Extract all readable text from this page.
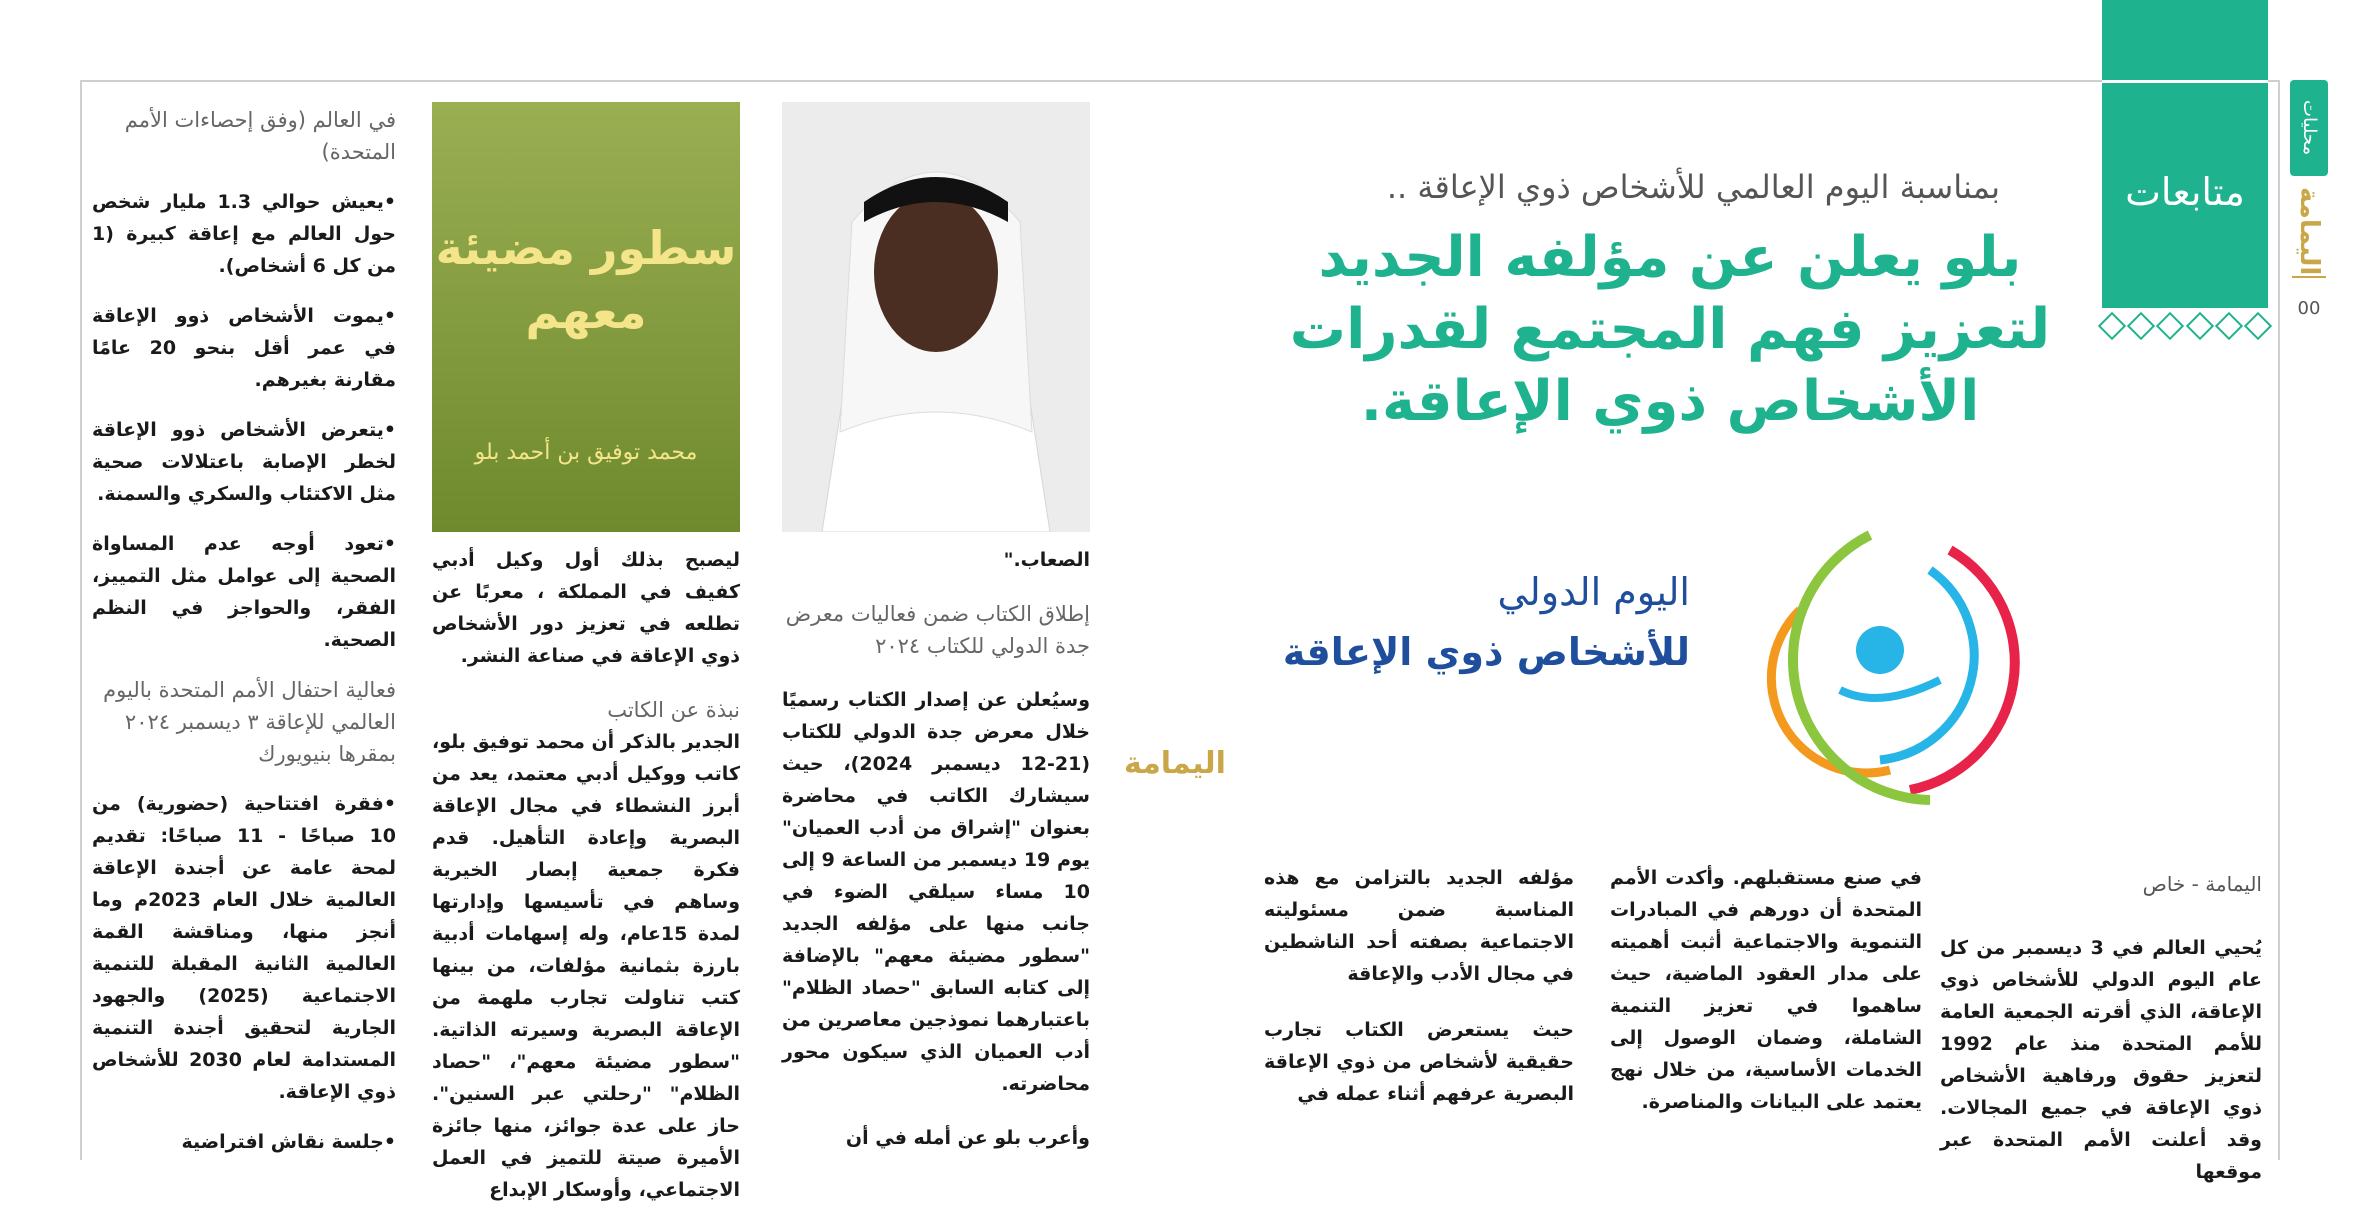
متابعات
محليات
اليمامة
00
بمناسبة اليوم العالمي للأشخاص ذوي الإعاقة ..
بلو يعلن عن مؤلفه الجديد
لتعزيز فهم المجتمع لقدرات
الأشخاص ذوي الإعاقة.
اليوم الدولي
للأشخاص ذوي الإعاقة
اليمامة
سطور مضيئة
معهم
محمد توفيق بن أحمد بلو
اليمامة - خاص

يُحيي العالم في 3 ديسمبر من كل عام اليوم الدولي للأشخاص ذوي الإعاقة، الذي أقرته الجمعية العامة للأمم المتحدة منذ عام 1992 لتعزيز حقوق ورفاهية الأشخاص ذوي الإعاقة في جميع المجالات. وقد أعلنت الأمم المتحدة عبر موقعها

في صنع مستقبلهم. وأكدت الأمم المتحدة أن دورهم في المبادرات التنموية والاجتماعية أثبت أهميته على مدار العقود الماضية، حيث ساهموا في تعزيز التنمية الشاملة، وضمان الوصول إلى الخدمات الأساسية، من خلال نهج يعتمد على البيانات والمناصرة.

مؤلفه الجديد بالتزامن مع هذه المناسبة ضمن مسئوليته الاجتماعية بصفته أحد الناشطين في مجال الأدب والإعاقة

حيث يستعرض الكتاب تجارب حقيقية لأشخاص من ذوي الإعاقة البصرية عرفهم أثناء عمله في

الصعاب."

إطلاق الكتاب ضمن فعاليات معرض جدة الدولي للكتاب ٢٠٢٤

وسيُعلن عن إصدار الكتاب رسميًا خلال معرض جدة الدولي للكتاب (21-12 ديسمبر 2024)، حيث سيشارك الكاتب في محاضرة بعنوان "إشراق من أدب العميان" يوم 19 ديسمبر من الساعة 9 إلى 10 مساء سيلقي الضوء في جانب منها على مؤلفه الجديد "سطور مضيئة معهم" بالإضافة إلى كتابه السابق "حصاد الظلام" باعتبارهما نموذجين معاصرين من أدب العميان الذي سيكون محور محاضرته.

وأعرب بلو عن أمله في أن

ليصبح بذلك أول وكيل أدبي كفيف في المملكة ، معربًا عن تطلعه في تعزيز دور الأشخاص ذوي الإعاقة في صناعة النشر.

نبذة عن الكاتب

الجدير بالذكر أن محمد توفيق بلو، كاتب ووكيل أدبي معتمد، يعد من أبرز النشطاء في مجال الإعاقة البصرية وإعادة التأهيل. قدم فكرة جمعية إبصار الخيرية وساهم في تأسيسها وإدارتها لمدة 15عام، وله إسهامات أدبية بارزة بثمانية مؤلفات، من بينها كتب تناولت تجارب ملهمة من الإعاقة البصرية وسيرته الذاتية. "سطور مضيئة معهم"، "حصاد الظلام" "رحلتي عبر السنين". حاز على عدة جوائز، منها جائزة الأميرة صيتة للتميز في العمل الاجتماعي، وأوسكار الإبداع

في العالم (وفق إحصاءات الأمم المتحدة)

•يعيش حوالي 1.3 مليار شخص حول العالم مع إعاقة كبيرة (1 من كل 6 أشخاص).

•يموت الأشخاص ذوو الإعاقة في عمر أقل بنحو 20 عامًا مقارنة بغيرهم.

•يتعرض الأشخاص ذوو الإعاقة لخطر الإصابة باعتلالات صحية مثل الاكتئاب والسكري والسمنة.

•تعود أوجه عدم المساواة الصحية إلى عوامل مثل التمييز، الفقر، والحواجز في النظم الصحية.

فعالية احتفال الأمم المتحدة باليوم العالمي للإعاقة ٣ ديسمبر ٢٠٢٤ بمقرها بنيويورك

•فقرة افتتاحية (حضورية) من 10 صباحًا - 11 صباحًا: تقديم لمحة عامة عن أجندة الإعاقة العالمية خلال العام 2023م وما أنجز منها، ومناقشة القمة العالمية الثانية المقبلة للتنمية الاجتماعية (2025) والجهود الجارية لتحقيق أجندة التنمية المستدامة لعام 2030 للأشخاص ذوي الإعاقة.

•جلسة نقاش افتراضية
